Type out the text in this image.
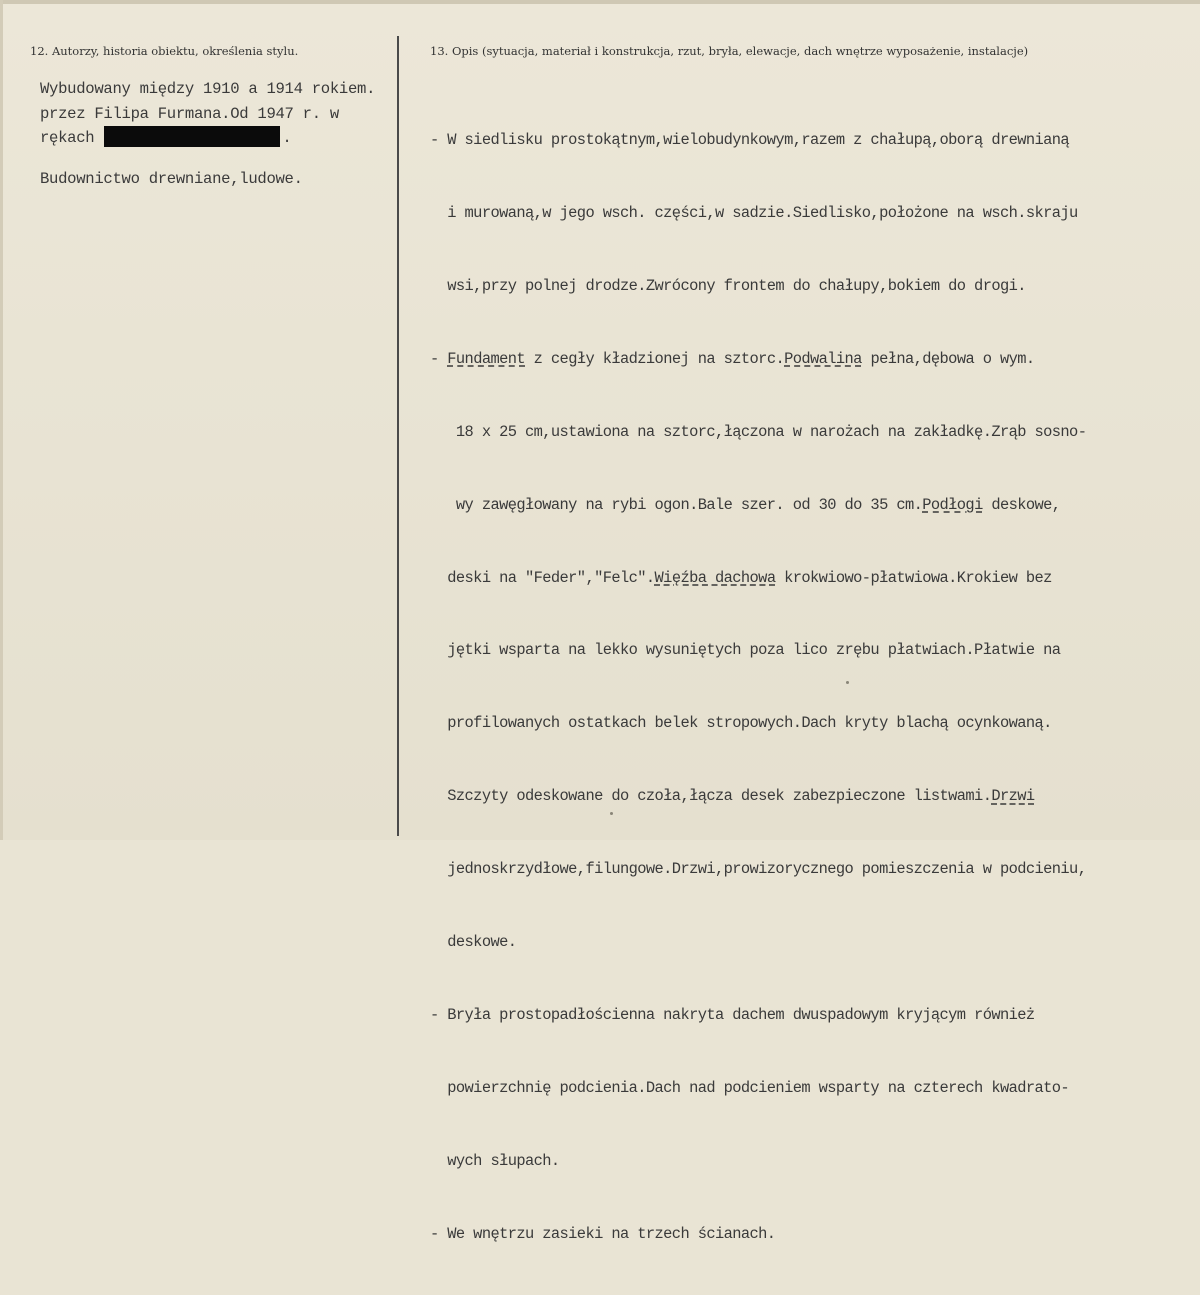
12. Autorzy, historia obiektu, określenia stylu.	13. Opis (sytuacja, materiał i konstrukcja, rzut, bryła, elewacje, dach wnętrze wyposażenie, instalacje)
Wybudowany między 1910 a 1914 rokiem.
przez Filipa Furmana.Od 1947 r. w
rękach	.
Budownictwo drewniane,ludowe.

- W siedlisku prostokątnym,wielobudynkowym,razem z chałupą,oborą drewnianą

i murowaną,w jego wsch. części,w sadzie.Siedlisko,położone na wsch.skraju

wsi,przy polnej drodze.Zwrócony frontem do chałupy,bokiem do drogi.

- Fundament z cegły kładzionej na sztorc.Podwalina pełna,dębowa o wym.

18 x 25 cm,ustawiona na sztorc,łączona w narożach na zakładkę.Zrąb sosno-

wy zawęgłowany na rybi ogon.Bale szer. od 30 do 35 cm.Podłogi deskowe,

deski na "Feder","Felc".Więźba dachowa krokwiowo-płatwiowa.Krokiew bez

jętki wsparta na lekko wysuniętych poza lico zrębu płatwiach.Płatwie na

profilowanych ostatkach belek stropowych.Dach kryty blachą ocynkowaną.

Szczyty odeskowane do czoła,łącza desek zabezpieczone listwami.Drzwi

jednoskrzydłowe,filungowe.Drzwi,prowizorycznego pomieszczenia w podcieniu,

deskowe.

- Bryła prostopadłościenna nakryta dachem dwuspadowym kryjącym również

powierzchnię podcienia.Dach nad podcieniem wsparty na czterech kwadrato-

wych słupach.

- We wnętrzu zasieki na trzech ścianach.
